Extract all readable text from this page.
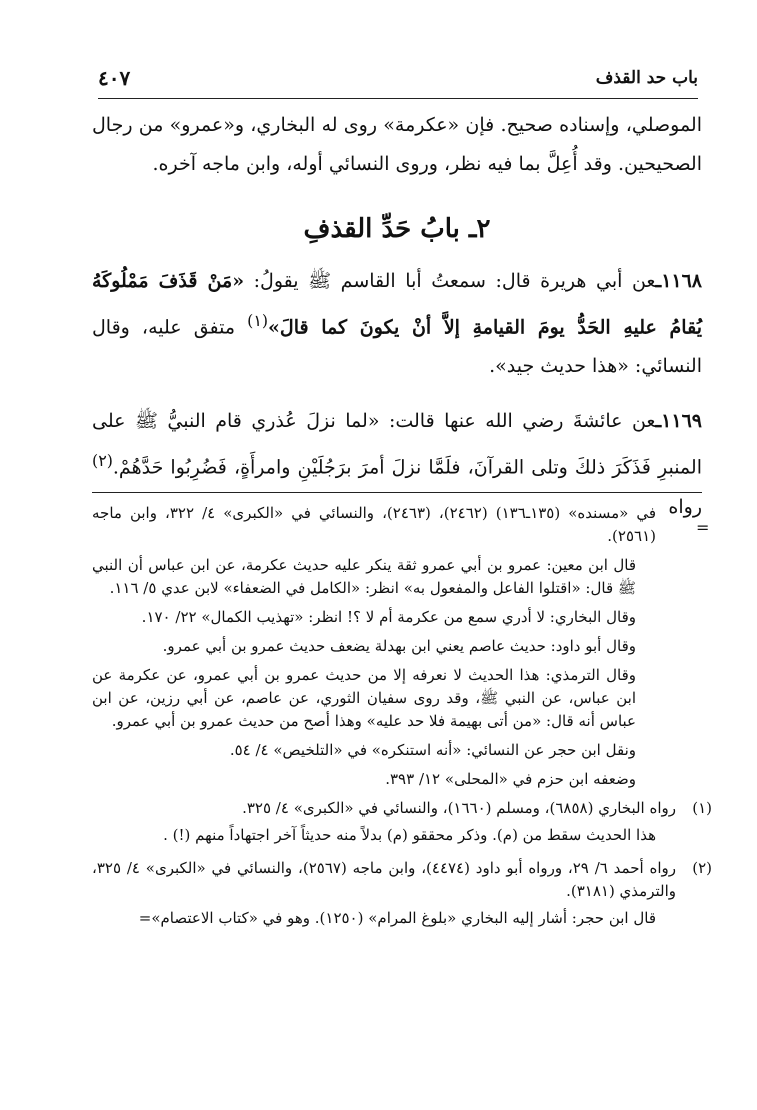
باب حد القذف
٤٠٧

الموصلي، وإسناده صحيح. فإن «عكرمة» روى له البخاري، و«عمرو» من رجال الصحيحين. وقد أُعِلَّ بما فيه نظر، وروى النسائي أوله، وابن ماجه آخره.

٢ـ بابُ حَدِّ القذفِ

١١٦٨ـعن أبي هريرة قال: سمعتُ أبا القاسم ﷺ يقولُ: «مَنْ قَذَفَ مَمْلُوكَهُ يُقامُ عليهِ الحَدُّ يومَ القيامةِ إلاَّ أنْ يكونَ كما قالَ»$^{(١)}$ متفق عليه، وقال النسائي: «هذا حديث جيد».

١١٦٩ـعن عائشةَ رضي الله عنها قالت: «لما نزلَ عُذري قام النبيُّ ﷺ على المنبرِ فَذَكَرَ ذلكَ وتلى القرآنَ، فلَمَّا نزلَ أمرَ برَجُلَيْنِ وامرأَةٍ، فَضُرِبُوا حَدَّهُمْ.$^{(٢)}$ رواه

=

في «مسنده» (١٣٥ـ١٣٦) (٢٤٦٢)، (٢٤٦٣)، والنسائي في «الكبرى» ٤/ ٣٢٢، وابن ماجه (٢٥٦١).

قال ابن معين: عمرو بن أبي عمرو ثقة ينكر عليه حديث عكرمة، عن ابن عباس أن النبي ﷺ قال: «اقتلوا الفاعل والمفعول به» انظر: «الكامل في الضعفاء» لابن عدي ٥/ ١١٦.

وقال البخاري: لا أدري سمع من عكرمة أم لا ؟! انظر: «تهذيب الكمال» ٢٢/ ١٧٠.

وقال أبو داود: حديث عاصم يعني ابن بهدلة يضعف حديث عمرو بن أبي عمرو.

وقال الترمذي: هذا الحديث لا نعرفه إلا من حديث عمرو بن أبي عمرو، عن عكرمة عن ابن عباس، عن النبي ﷺ، وقد روى سفيان الثوري، عن عاصم، عن أبي رزين، عن ابن عباس أنه قال: «من أتى بهيمة فلا حد عليه» وهذا أصح من حديث عمرو بن أبي عمرو.

ونقل ابن حجر عن النسائي: «أنه استنكره» في «التلخيص» ٤/ ٥٤.

وضعفه ابن حزم في «المحلى» ١٢/ ٣٩٣.

(١)

رواه البخاري (٦٨٥٨)، ومسلم (١٦٦٠)، والنسائي في «الكبرى» ٤/ ٣٢٥.

هذا الحديث سقط من (م). وذكر محققو (م) بدلاً منه حديثاً آخر اجتهاداً منهم (!) .

(٢)

رواه أحمد ٦/ ٢٩، ورواه أبو داود (٤٤٧٤)، وابن ماجه (٢٥٦٧)، والنسائي في «الكبرى» ٤/ ٣٢٥، والترمذي (٣١٨١).

قال ابن حجر: أشار إليه البخاري «بلوغ المرام» (١٢٥٠). وهو في «كتاب الاعتصام»=
